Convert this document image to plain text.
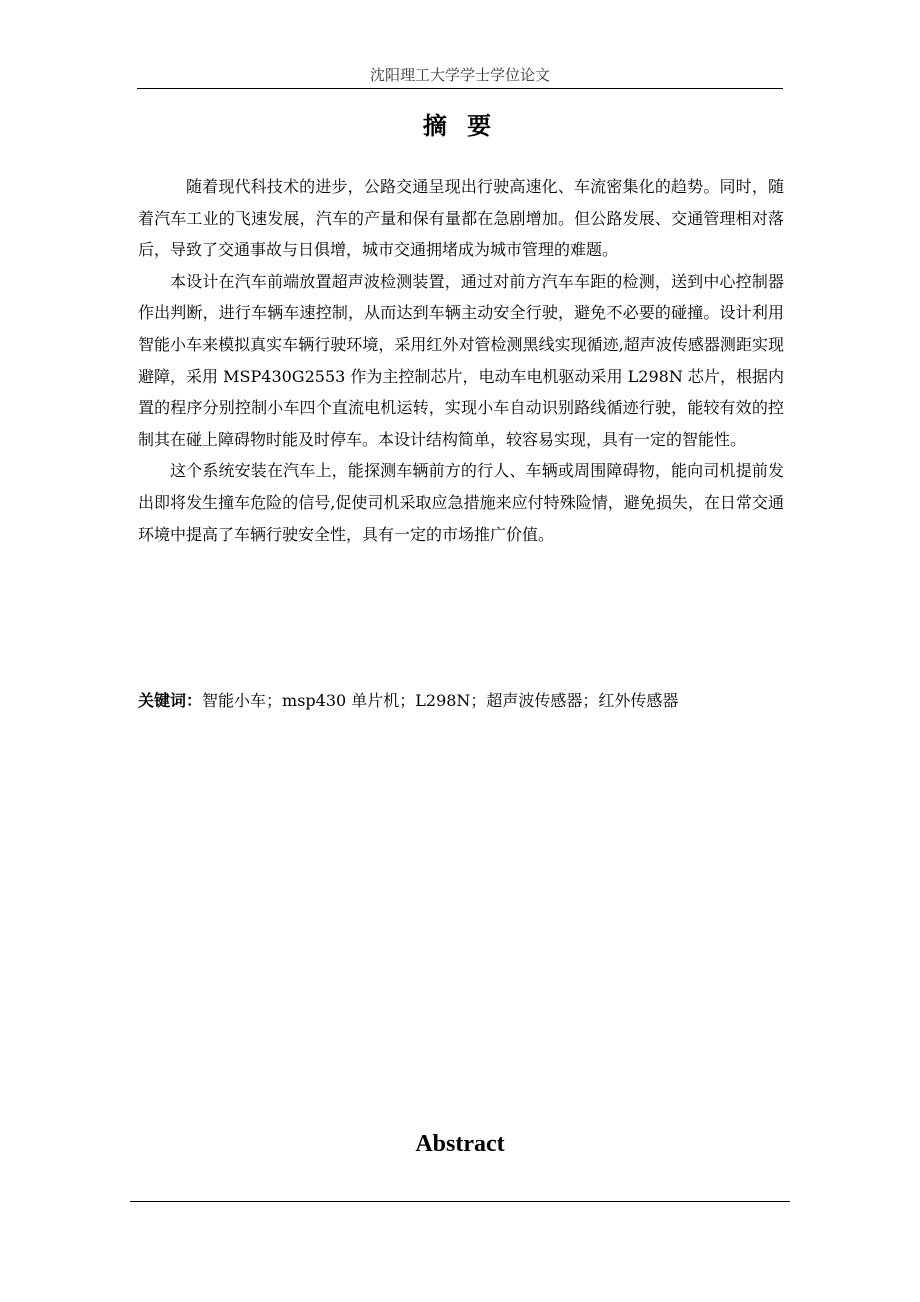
沈阳理工大学学士学位论文
摘 要

随着现代科技术的进步，公路交通呈现出行驶高速化、车流密集化的趋势。同时，随着汽车工业的飞速发展，汽车的产量和保有量都在急剧增加。但公路发展、交通管理相对落后，导致了交通事故与日俱增，城市交通拥堵成为城市管理的难题。

本设计在汽车前端放置超声波检测装置，通过对前方汽车车距的检测，送到中心控制器作出判断，进行车辆车速控制，从而达到车辆主动安全行驶，避免不必要的碰撞。设计利用智能小车来模拟真实车辆行驶环境，采用红外对管检测黑线实现循迹,超声波传感器测距实现避障，采用 MSP430G2553 作为主控制芯片，电动车电机驱动采用 L298N 芯片，根据内置的程序分别控制小车四个直流电机运转，实现小车自动识别路线循迹行驶，能较有效的控制其在碰上障碍物时能及时停车。本设计结构简单，较容易实现，具有一定的智能性。

这个系统安装在汽车上，能探测车辆前方的行人、车辆或周围障碍物，能向司机提前发出即将发生撞车危险的信号,促使司机采取应急措施来应付特殊险情，避免损失，在日常交通环境中提高了车辆行驶安全性，具有一定的市场推广价值。

关键词：智能小车；msp430 单片机；L298N；超声波传感器；红外传感器
Abstract
